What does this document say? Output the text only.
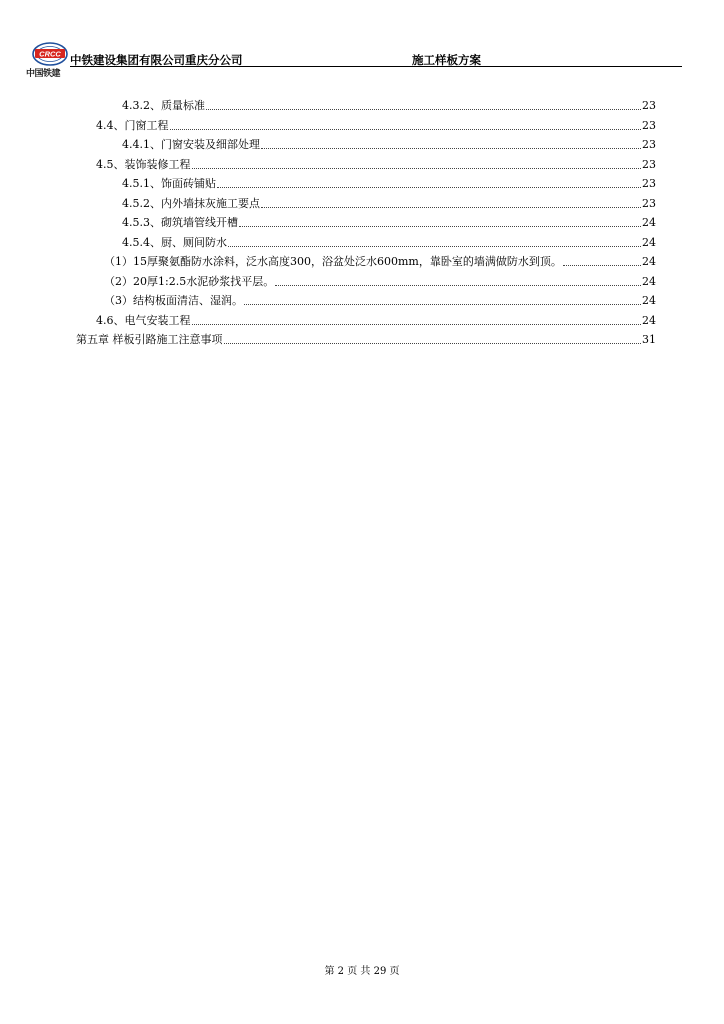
CRCC
中国铁建
中铁建设集团有限公司重庆分公司	施工样板方案
4.3.2、质量标准	23
4.4、门窗工程	23
4.4.1、门窗安装及细部处理	23
4.5、装饰装修工程	23
4.5.1、饰面砖铺贴	23
4.5.2、内外墙抹灰施工要点	23
4.5.3、砌筑墙管线开槽	24
4.5.4、厨、厕间防水	24
（1）15厚聚氨酯防水涂料，泛水高度300，浴盆处泛水600mm，靠卧室的墙满做防水到顶。	24
（2）20厚1:2.5水泥砂浆找平层。	24
（3）结构板面清洁、湿润。	24
4.6、电气安装工程	24
第五章 样板引路施工注意事项	31
第 2 页 共 29 页
